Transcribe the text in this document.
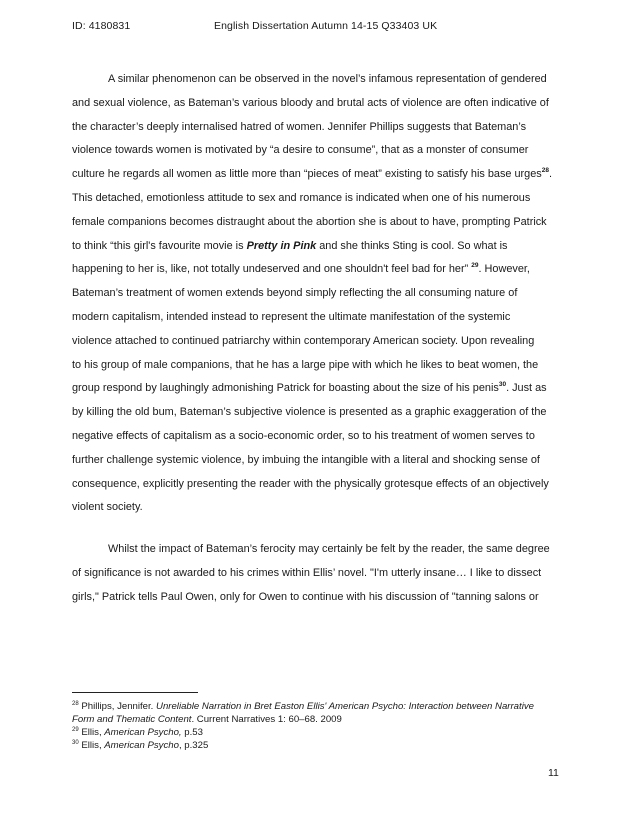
ID: 4180831	English Dissertation Autumn 14-15 Q33403 UK
A similar phenomenon can be observed in the novel’s infamous representation of gendered
and sexual violence, as Bateman’s various bloody and brutal acts of violence are often indicative of
the character’s deeply internalised hatred of women. Jennifer Phillips suggests that Bateman’s
violence towards women is motivated by “a desire to consume”, that as a monster of consumer
culture he regards all women as little more than “pieces of meat” existing to satisfy his base urges$^{28}$.
This detached, emotionless attitude to sex and romance is indicated when one of his numerous
female companions becomes distraught about the abortion she is about to have, prompting Patrick
to think “this girl's favourite movie is Pretty in Pink and she thinks Sting is cool. So what is
happening to her is, like, not totally undeserved and one shouldn't feel bad for her” $^{29}$. However,
Bateman’s treatment of women extends beyond simply reflecting the all consuming nature of
modern capitalism, intended instead to represent the ultimate manifestation of the systemic
violence attached to continued patriarchy within contemporary American society. Upon revealing
to his group of male companions, that he has a large pipe with which he likes to beat women, the
group respond by laughingly admonishing Patrick for boasting about the size of his penis$^{30}$. Just as
by killing the old bum, Bateman’s subjective violence is presented as a graphic exaggeration of the
negative effects of capitalism as a socio-economic order, so to his treatment of women serves to
further challenge systemic violence, by imbuing the intangible with a literal and shocking sense of
consequence, explicitly presenting the reader with the physically grotesque effects of an objectively
violent society.
Whilst the impact of Bateman’s ferocity may certainly be felt by the reader, the same degree
of significance is not awarded to his crimes within Ellis’ novel. "I'm utterly insane… I like to dissect
girls," Patrick tells Paul Owen, only for Owen to continue with his discussion of "tanning salons or
$^{28}$ Phillips, Jennifer. Unreliable Narration in Bret Easton Ellis' American Psycho: Interaction between Narrative
Form and Thematic Content. Current Narratives 1: 60–68. 2009
$^{29}$ Ellis, American Psycho, p.53
$^{30}$ Ellis, American Psycho, p.325
11
